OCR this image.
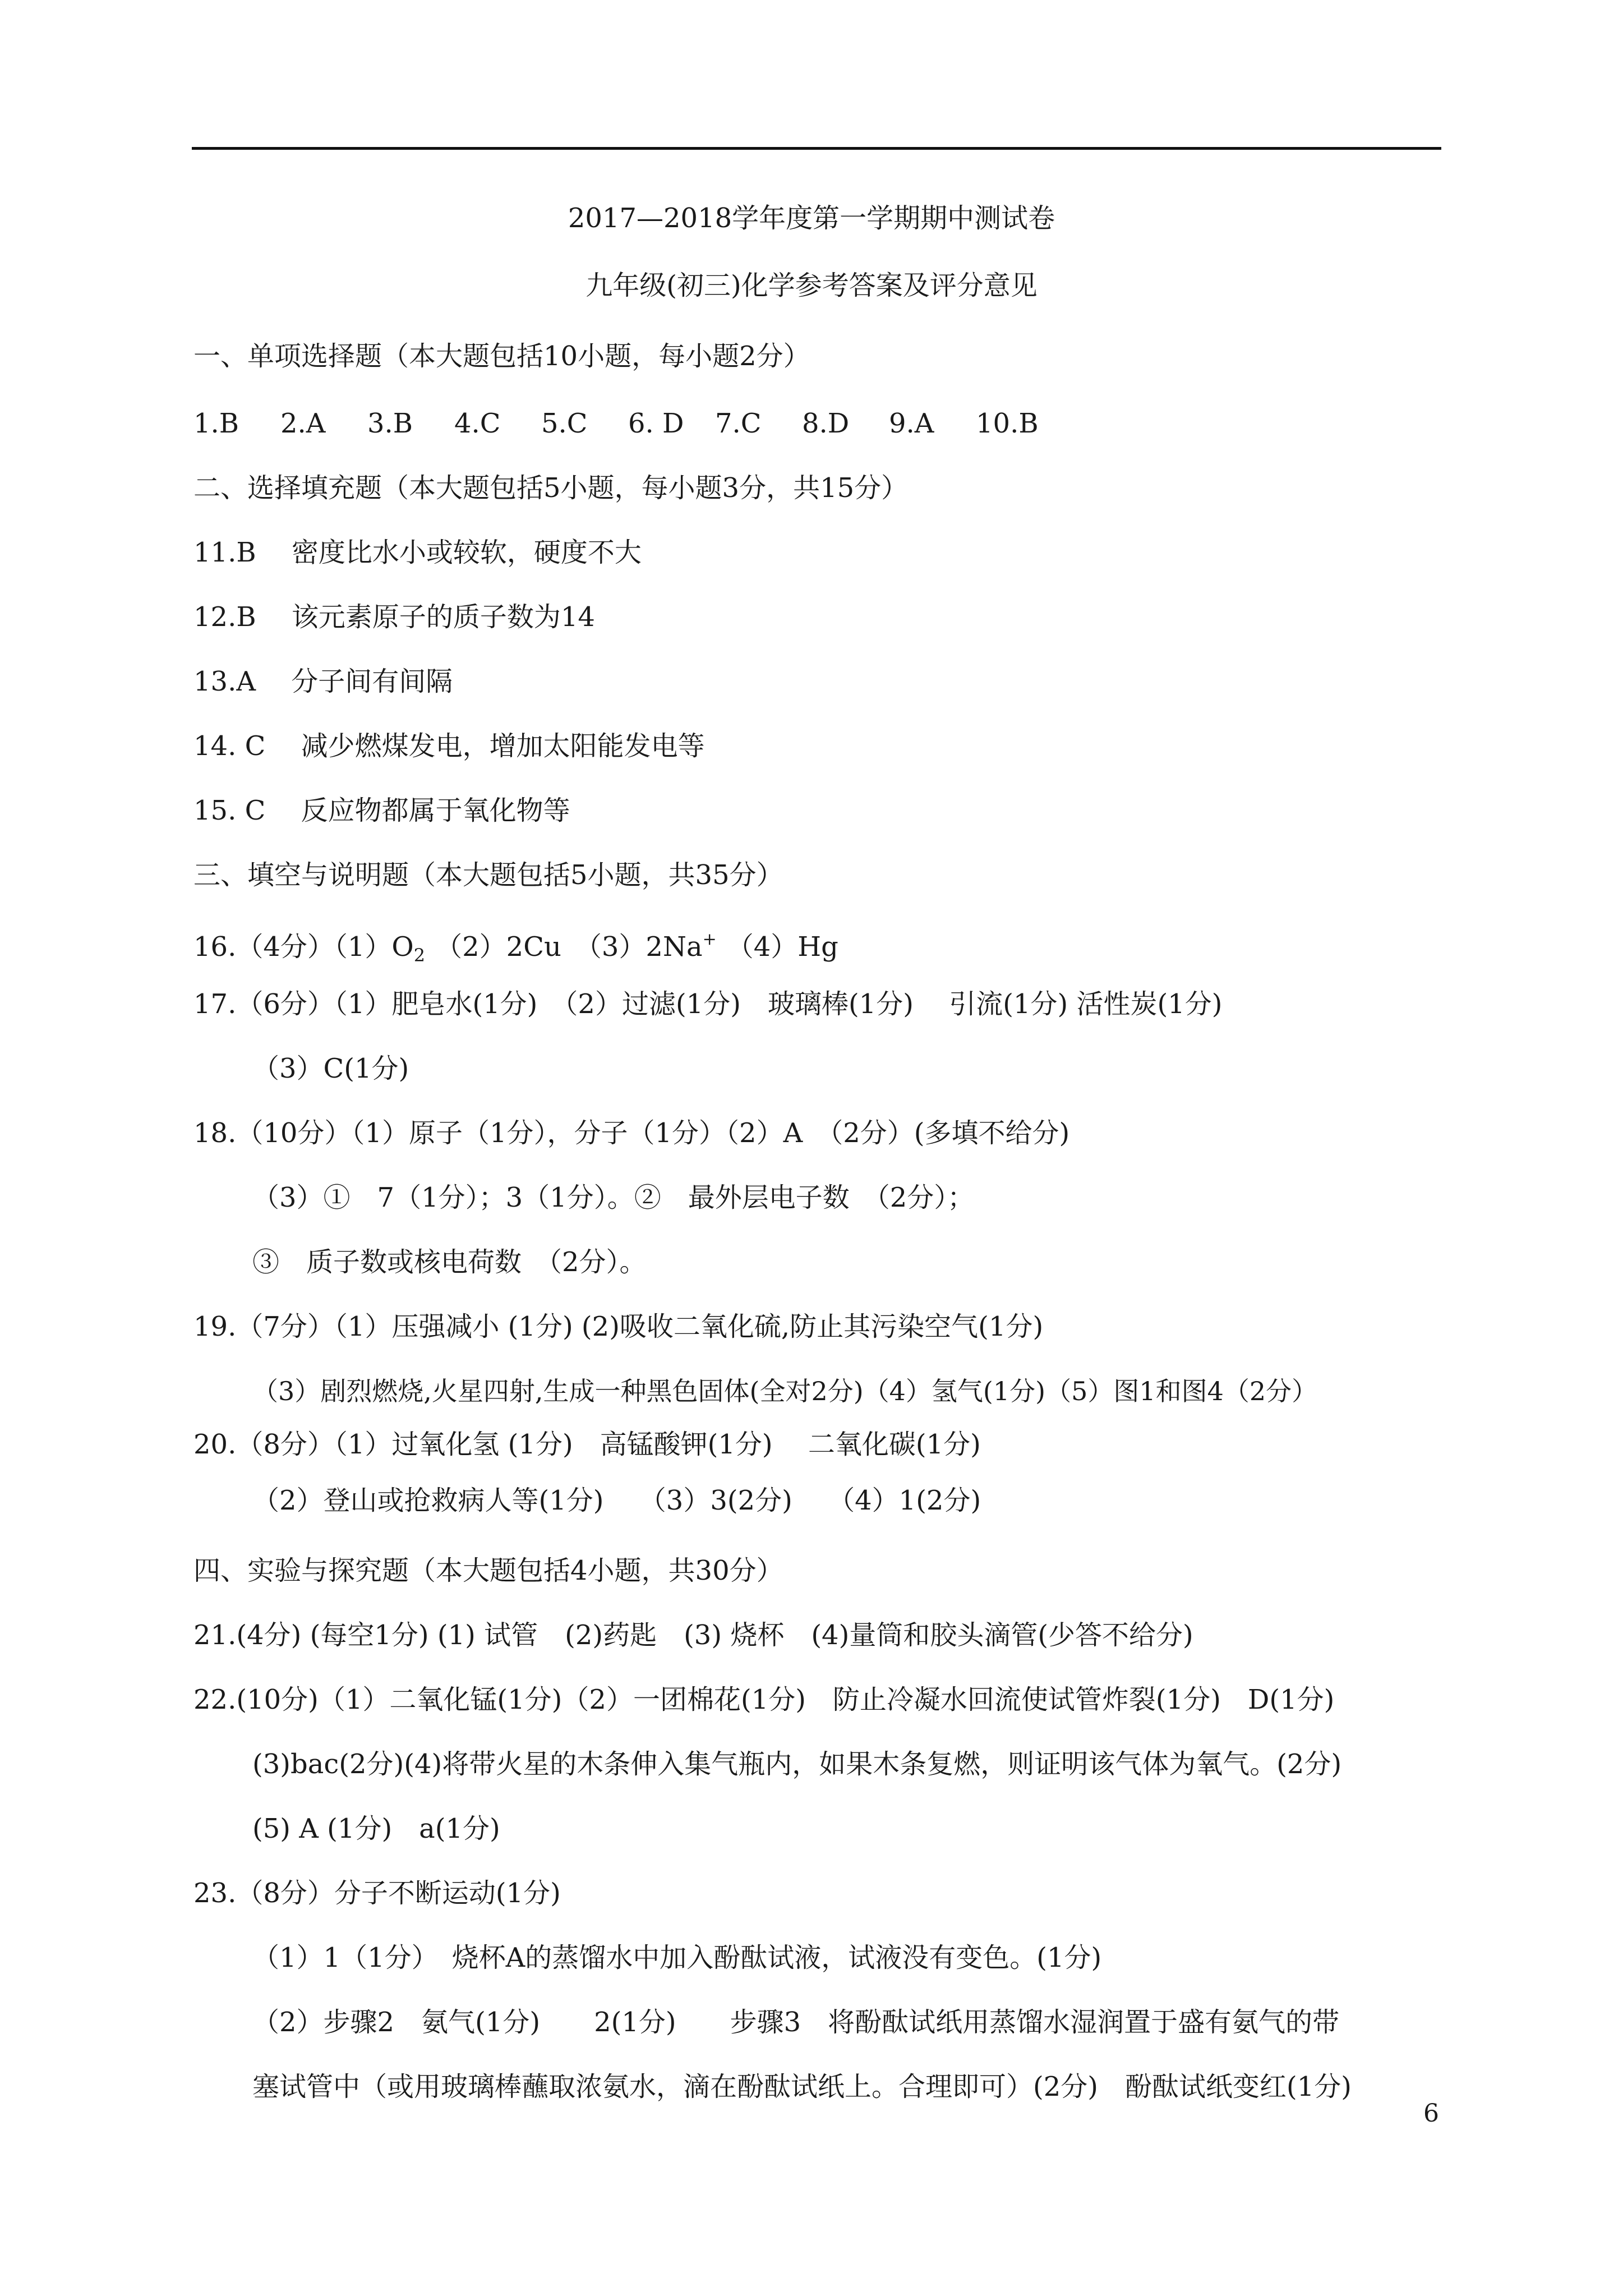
2017—2018学年度第一学期期中测试卷
九年级(初三)化学参考答案及评分意见
一、单项选择题（本大题包括10小题，每小题2分）
1.B 2.A 3.B 4.C 5.C 6. D 7.C 8.D 9.A 10.B
二、选择填充题（本大题包括5小题，每小题3分，共15分）
11.B　 密度比水小或较软，硬度不大
12.B　 该元素原子的质子数为14
13.A　 分子间有间隔
14. C　 减少燃煤发电，增加太阳能发电等
15. C　 反应物都属于氧化物等
三、填空与说明题（本大题包括5小题，共35分）
16.（4分）（1）O2 （2）2Cu　（3）2Na+ （4）Hg
17.（6分）（1）肥皂水(1分)　（2）过滤(1分)　玻璃棒(1分)　 引流(1分) 活性炭(1分)
（3）C(1分)
18.（10分）（1）原子（1分），分子（1分）（2）A　（2分）(多填不给分)
（3）①　7（1分）；3（1分）。②　最外层电子数　（2分）；
③　质子数或核电荷数　（2分）。
19.（7分）（1）压强减小 (1分) (2)吸收二氧化硫,防止其污染空气(1分)
（3）剧烈燃烧,火星四射,生成一种黑色固体(全对2分)（4）氢气(1分)（5）图1和图4（2分）
20.（8分）（1）过氧化氢 (1分)　高锰酸钾(1分)　 二氧化碳(1分)
（2）登山或抢救病人等(1分)　 （3）3(2分)　 （4）1(2分)
四、实验与探究题（本大题包括4小题，共30分）
21.(4分) (每空1分) (1) 试管　(2)药匙　(3) 烧杯　(4)量筒和胶头滴管(少答不给分)
22.(10分)（1）二氧化锰(1分)（2）一团棉花(1分)　防止冷凝水回流使试管炸裂(1分)　D(1分)
(3)bac(2分)(4)将带火星的木条伸入集气瓶内，如果木条复燃，则证明该气体为氧气。(2分)
(5) A (1分)　a(1分)
23.（8分）分子不断运动(1分)
（1）1（1分）　烧杯A的蒸馏水中加入酚酞试液，试液没有变色。(1分)
（2）步骤2　氨气(1分)　　2(1分)　　步骤3　将酚酞试纸用蒸馏水湿润置于盛有氨气的带
塞试管中（或用玻璃棒蘸取浓氨水，滴在酚酞试纸上。合理即可）(2分)　酚酞试纸变红(1分)
6
